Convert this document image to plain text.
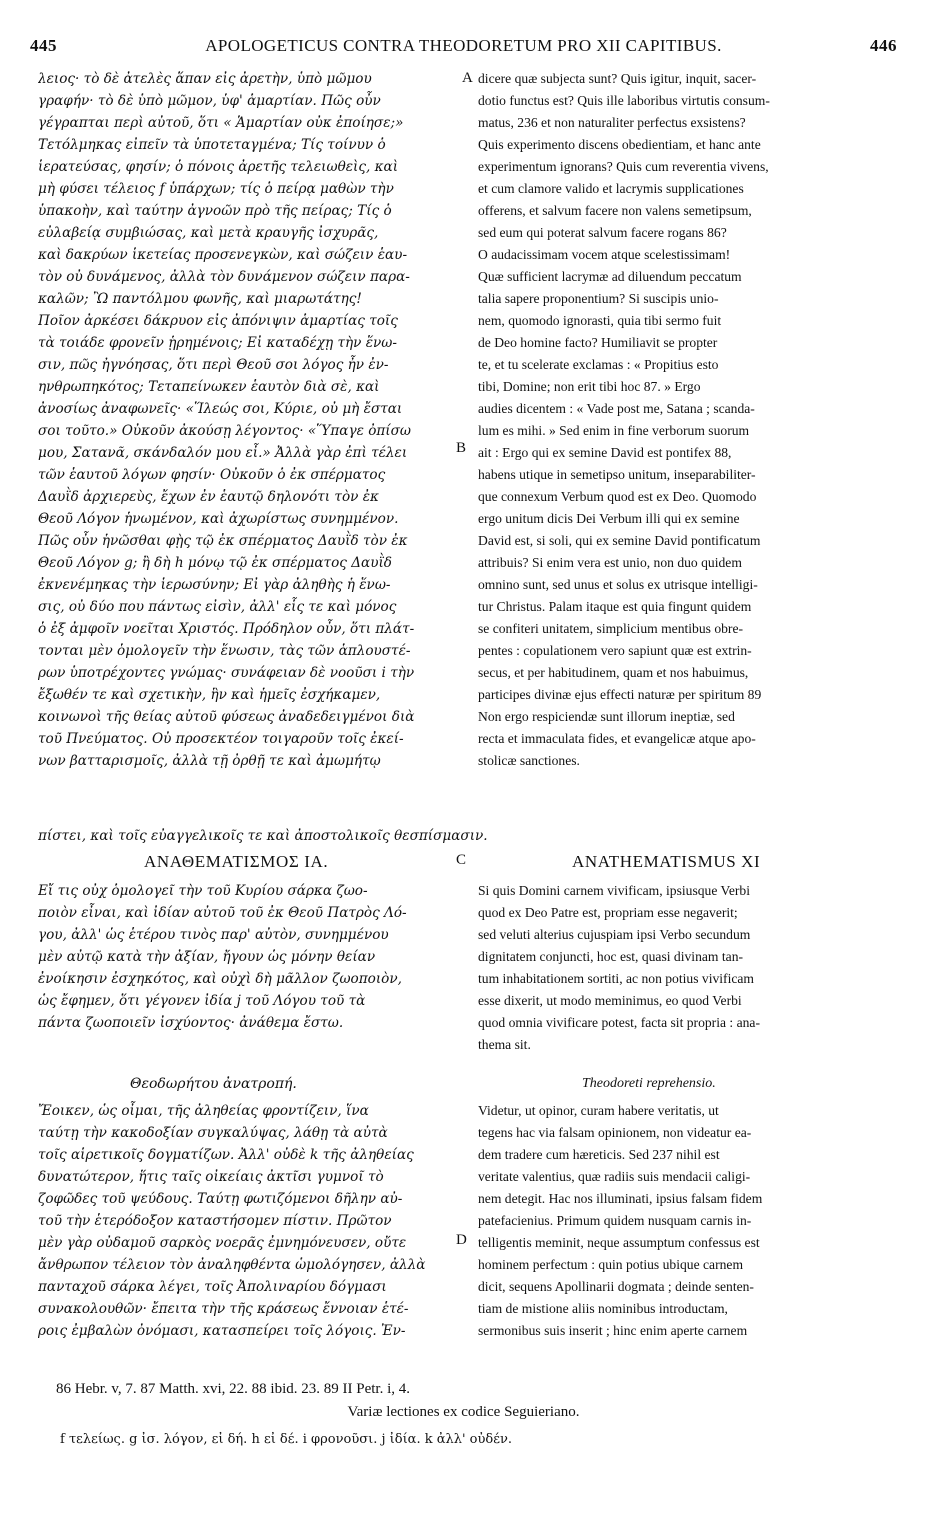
445	APOLOGETICUS CONTRA THEODORETUM PRO XII CAPITIBUS.	446
λειος· τὸ δὲ ἀτελὲς ἅπαν εἰς ἀρετὴν, ὑπὸ μῶμου
γραφήν· τὸ δὲ ὑπὸ μῶμον, ὑφ' ἁμαρτίαν. Πῶς οὖν
γέγραπται περὶ αὐτοῦ, ὅτι « Ἁμαρτίαν οὐκ ἐποίησε;»
Τετόλμηκας εἰπεῖν τὰ ὑποτεταγμένα; Τίς τοίνυν ὁ
ἱερατεύσας, φησίν; ὁ πόνοις ἀρετῆς τελειωθεὶς, καὶ
μὴ φύσει τέλειος f ὑπάρχων; τίς ὁ πείρᾳ μαθὼν τὴν
ὑπακοὴν, καὶ ταύτην ἀγνοῶν πρὸ τῆς πείρας; Τίς ὁ
εὐλαβείᾳ συμβιώσας, καὶ μετὰ κραυγῆς ἰσχυρᾶς,
καὶ δακρύων ἱκετείας προσενεγκὼν, καὶ σώζειν ἑαυ-
τὸν οὐ δυνάμενος, ἀλλὰ τὸν δυνάμενον σώζειν παρα-
καλῶν; Ὢ παντόλμου φωνῆς, καὶ μιαρωτάτης!
Ποῖον ἀρκέσει δάκρυον εἰς ἀπόνιψιν ἁμαρτίας τοῖς
τὰ τοιάδε φρονεῖν ᾑρημένοις; Εἰ καταδέχῃ τὴν ἕνω-
σιν, πῶς ἠγνόησας, ὅτι περὶ Θεοῦ σοι λόγος ἦν ἐν-
ηνθρωπηκότος; Τεταπείνωκεν ἑαυτὸν διὰ σὲ, καὶ
ἀνοσίως ἀναφωνεῖς· «Ἵλεώς σοι, Κύριε, οὐ μὴ ἔσται
σοι τοῦτο.» Οὐκοῦν ἀκούσῃ λέγοντος· «Ὕπαγε ὀπίσω
μου, Σατανᾶ, σκάνδαλόν μου εἶ.» Ἀλλὰ γὰρ ἐπὶ τέλει
τῶν ἑαυτοῦ λόγων φησίν· Οὐκοῦν ὁ ἐκ σπέρματος
Δαυῒδ ἀρχιερεὺς, ἔχων ἐν ἑαυτῷ δηλονότι τὸν ἐκ
Θεοῦ Λόγον ἡνωμένον, καὶ ἀχωρίστως συνημμένον.
Πῶς οὖν ἡνῶσθαι φῂς τῷ ἐκ σπέρματος Δαυῒδ τὸν ἐκ
Θεοῦ Λόγον g; ἢ δὴ h μόνῳ τῷ ἐκ σπέρματος Δαυῒδ
ἐκνενέμηκας τὴν ἱερωσύνην; Εἰ γὰρ ἀληθὴς ἡ ἕνω-
σις, οὐ δύο που πάντως εἰσὶν, ἀλλ' εἷς τε καὶ μόνος
ὁ ἐξ ἀμφοῖν νοεῖται Χριστός. Πρόδηλον οὖν, ὅτι πλάτ-
τονται μὲν ὁμολογεῖν τὴν ἕνωσιν, τὰς τῶν ἁπλουστέ-
ρων ὑποτρέχοντες γνώμας· συνάφειαν δὲ νοοῦσι i τὴν
ἔξωθέν τε καὶ σχετικὴν, ἣν καὶ ἡμεῖς ἐσχήκαμεν,
κοινωνοὶ τῆς θείας αὐτοῦ φύσεως ἀναδεδειγμένοι διὰ
τοῦ Πνεύματος. Οὐ προσεκτέον τοιγαροῦν τοῖς ἐκεί-
νων βατταρισμοῖς, ἀλλὰ τῇ ὀρθῇ τε καὶ ἀμωμήτῳ
dicere quæ subjecta sunt? Quis igitur, inquit, sacer-
dotio functus est? Quis ille laboribus virtutis consum-
matus, 236 et non naturaliter perfectus exsistens?
Quis experimento discens obedientiam, et hanc ante
experimentum ignorans? Quis cum reverentia vivens,
et cum clamore valido et lacrymis supplicationes
offerens, et salvum facere non valens semetipsum,
sed eum qui poterat salvum facere rogans 86?
O audacissimam vocem atque scelestissimam!
Quæ sufficient lacrymæ ad diluendum peccatum
talia sapere proponentium? Si suscipis unio-
nem, quomodo ignorasti, quia tibi sermo fuit
de Deo homine facto? Humiliavit se propter
te, et tu scelerate exclamas : « Propitius esto
tibi, Domine; non erit tibi hoc 87. » Ergo
audies dicentem : « Vade post me, Satana ; scanda-
lum es mihi. » Sed enim in fine verborum suorum
ait : Ergo qui ex semine David est pontifex 88,
habens utique in semetipso unitum, inseparabiliter-
que connexum Verbum quod est ex Deo. Quomodo
ergo unitum dicis Dei Verbum illi qui ex semine
David est, si soli, qui ex semine David pontificatum
attribuis? Si enim vera est unio, non duo quidem
omnino sunt, sed unus et solus ex utrisque intelligi-
tur Christus. Palam itaque est quia fingunt quidem
se confiteri unitatem, simplicium mentibus obre-
pentes : copulationem vero sapiunt quæ est extrin-
secus, et per habitudinem, quam et nos habuimus,
participes divinæ ejus effecti naturæ per spiritum 89
Non ergo respiciendæ sunt illorum ineptiæ, sed
recta et immaculata fides, et evangelicæ atque apo-
stolicæ sanctiones.
πίστει, καὶ τοῖς εὐαγγελικοῖς τε καὶ ἀποστολικοῖς θεσπίσμασιν.
A
B
C
D
ΑΝΑΘΕΜΑΤΙΣΜΟΣ ΙΑ.	ANATHEMATISMUS XI
Εἴ τις οὐχ ὁμολογεῖ τὴν τοῦ Κυρίου σάρκα ζωο-
ποιὸν εἶναι, καὶ ἰδίαν αὐτοῦ τοῦ ἐκ Θεοῦ Πατρὸς Λό-
γου, ἀλλ' ὡς ἑτέρου τινὸς παρ' αὐτὸν, συνημμένου
μὲν αὐτῷ κατὰ τὴν ἀξίαν, ἤγουν ὡς μόνην θείαν
ἐνοίκησιν ἐσχηκότος, καὶ οὐχὶ δὴ μᾶλλον ζωοποιὸν,
ὡς ἔφημεν, ὅτι γέγονεν ἰδία j τοῦ Λόγου τοῦ τὰ
πάντα ζωοποιεῖν ἰσχύοντος· ἀνάθεμα ἔστω.
Si quis Domini carnem vivificam, ipsiusque Verbi
quod ex Deo Patre est, propriam esse negaverit;
sed veluti alterius cujuspiam ipsi Verbo secundum
dignitatem conjuncti, hoc est, quasi divinam tan-
tum inhabitationem sortiti, ac non potius vivificam
esse dixerit, ut modo meminimus, eo quod Verbi
quod omnia vivificare potest, facta sit propria : ana-
thema sit.
Θεοδωρήτου ἀνατροπή.	Theodoreti reprehensio.
Ἔοικεν, ὡς οἶμαι, τῆς ἀληθείας φροντίζειν, ἵνα
ταύτῃ τὴν κακοδοξίαν συγκαλύψας, λάθῃ τὰ αὐτὰ
τοῖς αἱρετικοῖς δογματίζων. Ἀλλ' οὐδὲ k τῆς ἀληθείας
δυνατώτερον, ἥτις ταῖς οἰκείαις ἀκτῖσι γυμνοῖ τὸ
ζοφῶδες τοῦ ψεύδους. Ταύτῃ φωτιζόμενοι δῆλην αὐ-
τοῦ τὴν ἑτερόδοξον καταστήσομεν πίστιν. Πρῶτον
μὲν γὰρ οὐδαμοῦ σαρκὸς νοερᾶς ἐμνημόνευσεν, οὔτε
ἄνθρωπον τέλειον τὸν ἀναληφθέντα ὡμολόγησεν, ἀλλὰ
πανταχοῦ σάρκα λέγει, τοῖς Ἀπολιναρίου δόγμασι
συνακολουθῶν· ἔπειτα τὴν τῆς κράσεως ἔννοιαν ἑτέ-
ροις ἐμβαλὼν ὀνόμασι, κατασπείρει τοῖς λόγοις. Ἐν-
Videtur, ut opinor, curam habere veritatis, ut
tegens hac via falsam opinionem, non videatur ea-
dem tradere cum hæreticis. Sed 237 nihil est
veritate valentius, quæ radiis suis mendacii caligi-
nem detegit. Hac nos illuminati, ipsius falsam fidem
patefacienius. Primum quidem nusquam carnis in-
telligentis meminit, neque assumptum confessus est
hominem perfectum : quin potius ubique carnem
dicit, sequens Apollinarii dogmata ; deinde senten-
tiam de mistione aliis nominibus introductam,
sermonibus suis inserit ; hinc enim aperte carnem
86 Hebr. v, 7. 87 Matth. xvi, 22. 88 ibid. 23. 89 II Petr. i, 4.
Variæ lectiones ex codice Seguieriano.
f τελείως. g ἰσ. λόγον, εἰ δή. h εἰ δέ. i φρονοῦσι. j ἰδία. k ἀλλ' οὐδέν.
